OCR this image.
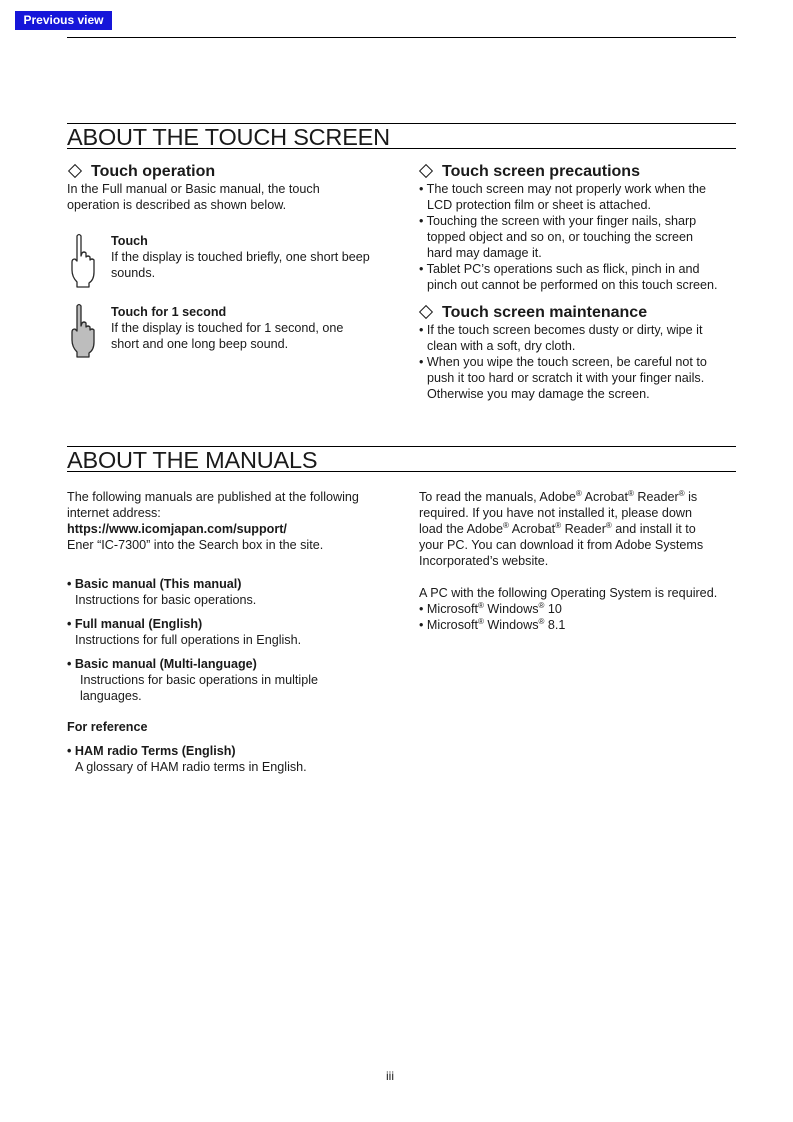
Previous view
ABOUT THE TOUCH SCREEN
Touch operation
In the Full manual or Basic manual, the touch
operation is described as shown below.
Touch
If the display is touched briefly, one short beep
sounds.
Touch for 1 second
If the display is touched for 1 second, one
short and one long beep sound.
Touch screen precautions
• The touch screen may not properly work when the
LCD protection film or sheet is attached.
• Touching the screen with your finger nails, sharp
topped object and so on, or touching the screen
hard may damage it.
• Tablet PC’s operations such as flick, pinch in and
pinch out cannot be performed on this touch screen.
Touch screen maintenance
• If the touch screen becomes dusty or dirty, wipe it
clean with a soft, dry cloth.
• When you wipe the touch screen, be careful not to
push it too hard or scratch it with your finger nails.
Otherwise you may damage the screen.
ABOUT THE MANUALS
The following manuals are published at the following
internet address:
https://www.icomjapan.com/support/
Ener “IC-7300” into the Search box in the site.
• Basic manual (This manual)
Instructions for basic operations.
• Full manual (English)
Instructions for full operations in English.
• Basic manual (Multi-language)
Instructions for basic operations in multiple
languages.
For reference
• HAM radio Terms (English)
A glossary of HAM radio terms in English.
To read the manuals, Adobe® Acrobat® Reader® is
required. If you have not installed it, please down
load the Adobe® Acrobat® Reader® and install it to
your PC. You can download it from Adobe Systems
Incorporated’s website.
A PC with the following Operating System is required.
• Microsoft® Windows® 10
• Microsoft® Windows® 8.1
iii
